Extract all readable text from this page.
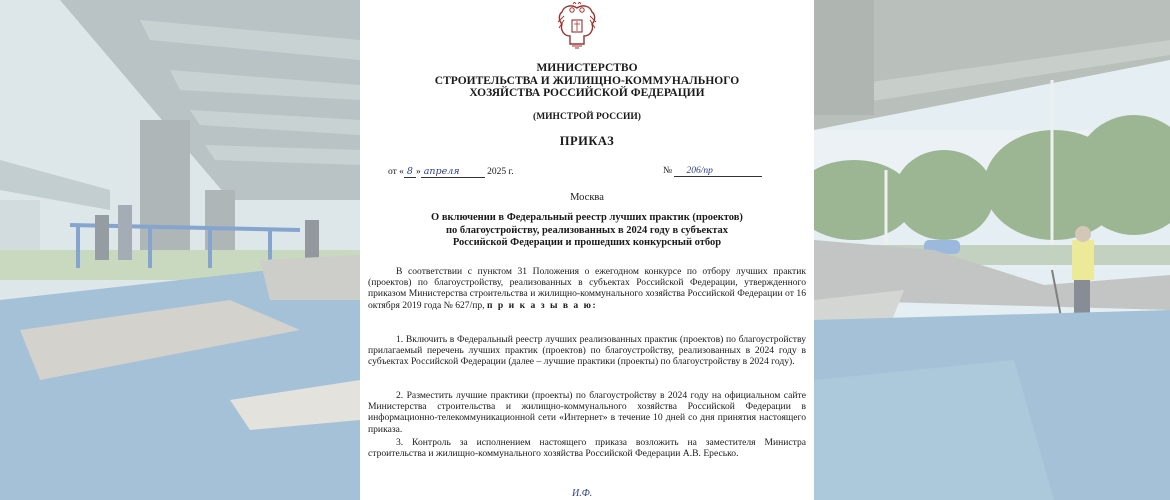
МИНИСТЕРСТВО
СТРОИТЕЛЬСТВА И ЖИЛИЩНО-КОММУНАЛЬНОГО
ХОЗЯЙСТВА РОССИЙСКОЙ ФЕДЕРАЦИИ
(МИНСТРОЙ РОССИИ)
ПРИКАЗ
от « 8 » апреля	2025 г.	№ 206/пр
Москва
О включении в Федеральный реестр лучших практик (проектов)
по благоустройству, реализованных в 2024 году в субъектах
Российской Федерации и прошедших конкурсный отбор

В соответствии с пунктом 31 Положения о ежегодном конкурсе по отбору лучших практик (проектов) по благоустройству, реализованных в субъектах Российской Федерации, утвержденного приказом Министерства строительства и жилищно-коммунального хозяйства Российской Федерации от 16 октября 2019 года № 627/пр, п р и к а з ы в а ю:

1. Включить в Федеральный реестр лучших реализованных практик (проектов) по благоустройству прилагаемый перечень лучших практик (проектов) по благоустройству, реализованных в 2024 году в субъектах Российской Федерации (далее – лучшие практики (проекты) по благоустройству в 2024 году).

2. Разместить лучшие практики (проекты) по благоустройству в 2024 году на официальном сайте Министерства строительства и жилищно-коммунального хозяйства Российской Федерации в информационно-телекоммуникационной сети «Интернет» в течение 10 дней со дня принятия настоящего приказа.

3. Контроль за исполнением настоящего приказа возложить на заместителя Министра строительства и жилищно-коммунального хозяйства Российской Федерации А.В. Ересько.

И.Ф.
